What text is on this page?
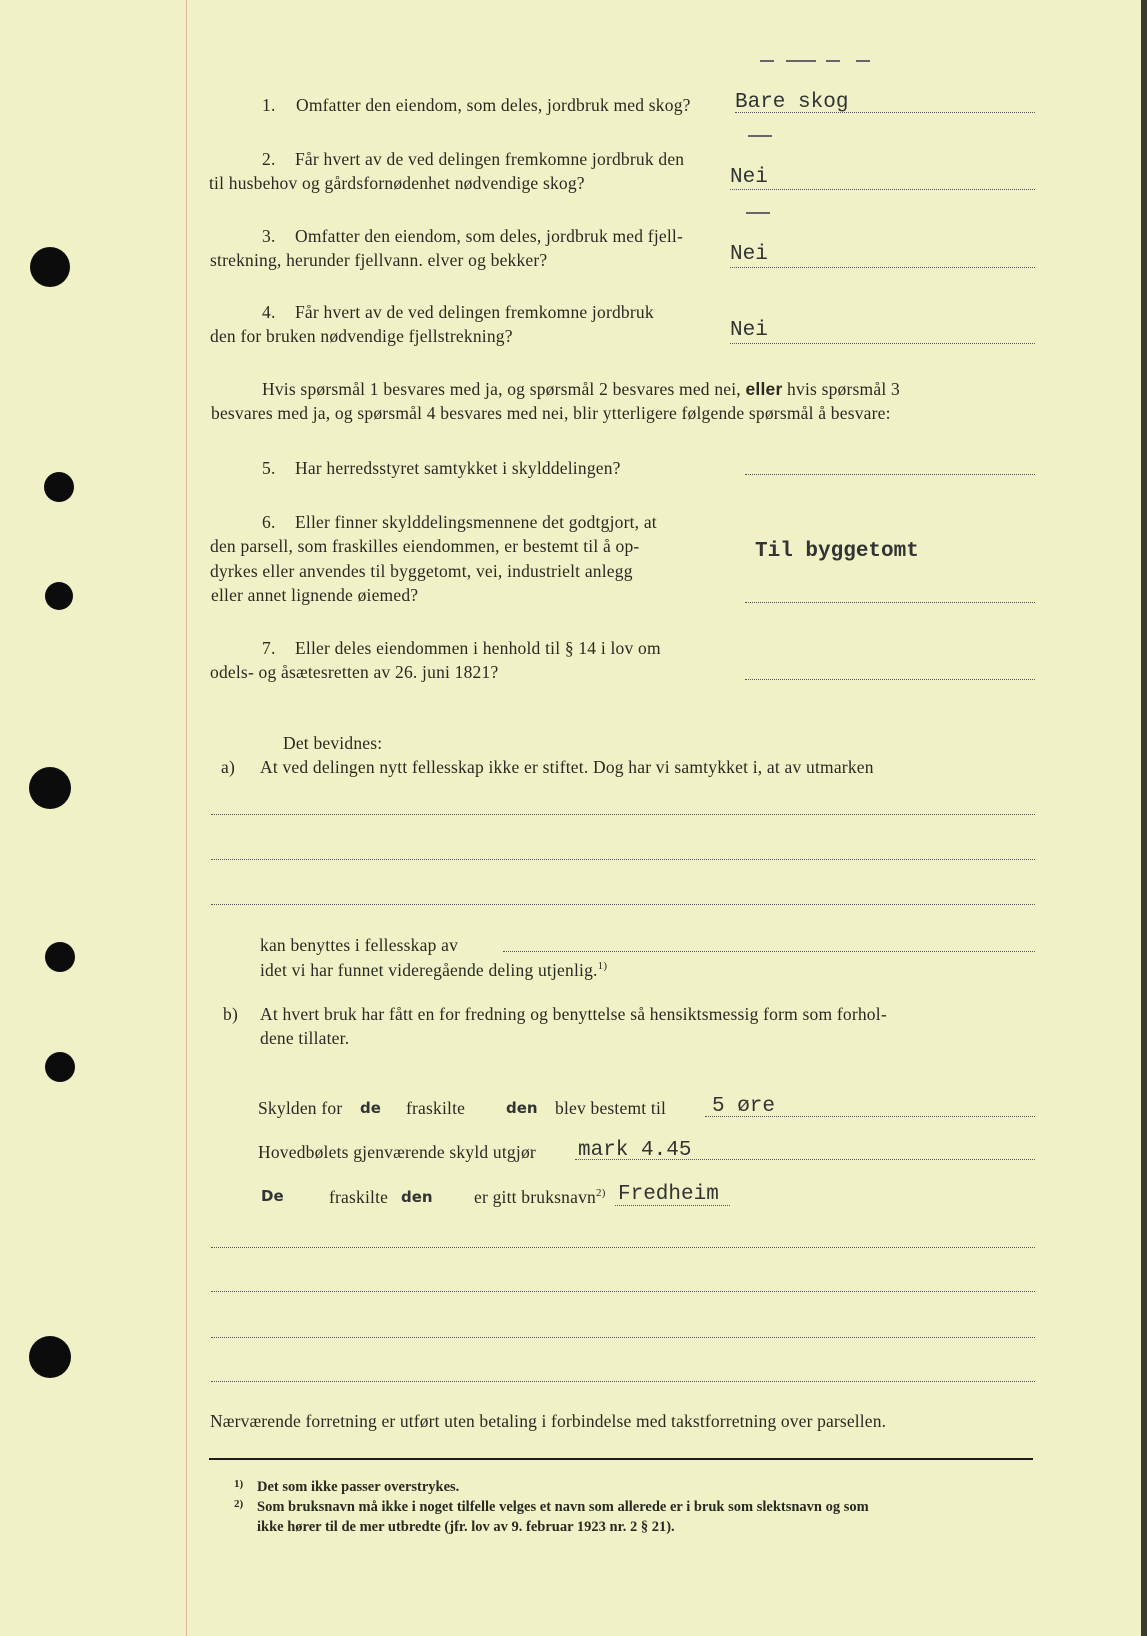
1. Omfatter den eiendom, som deles, jordbruk med skog? Bare skog
2. Får hvert av de ved delingen fremkomne jordbruk den
til husbehov og gårdsfornødenhet nødvendige skog?	Nei
3. Omfatter den eiendom, som deles, jordbruk med fjell-
strekning, herunder fjellvann. elver og bekker?	Nei
4. Får hvert av de ved delingen fremkomne jordbruk
den for bruken nødvendige fjellstrekning?	Nei
Hvis spørsmål 1 besvares med ja, og spørsmål 2 besvares med nei, eller hvis spørsmål 3
besvares med ja, og spørsmål 4 besvares med nei, blir ytterligere følgende spørsmål å besvare:
5. Har herredsstyret samtykket i skylddelingen?
6. Eller finner skylddelingsmennene det godtgjort, at
den parsell, som fraskilles eiendommen, er bestemt til å op-
dyrkes eller anvendes til byggetomt, vei, industrielt anlegg
eller annet lignende øiemed?
Til byggetomt
7. Eller deles eiendommen i henhold til § 14 i lov om
odels- og åsætesretten av 26. juni 1821?
Det bevidnes:
a) At ved delingen nytt fellesskap ikke er stiftet. Dog har vi samtykket i, at av utmarken
kan benyttes i fellesskap av
idet vi har funnet videregående deling utjenlig.$^{1)}$
b) At hvert bruk har fått en for fredning og benyttelse så hensiktsmessig form som forhol-
dene tillater.
Skylden for de fraskilte	den blev bestemt til 5 øre
Hovedbølets gjenværende skyld utgjør mark 4.45
De	fraskilte den er gitt bruksnavn$^{2)}$ Fredheim
Nærværende forretning er utført uten betaling i forbindelse med takstforretning over parsellen.
1) Det som ikke passer overstrykes.
2) Som bruksnavn må ikke i noget tilfelle velges et navn som allerede er i bruk som slektsnavn og som
ikke hører til de mer utbredte (jfr. lov av 9. februar 1923 nr. 2 § 21).
